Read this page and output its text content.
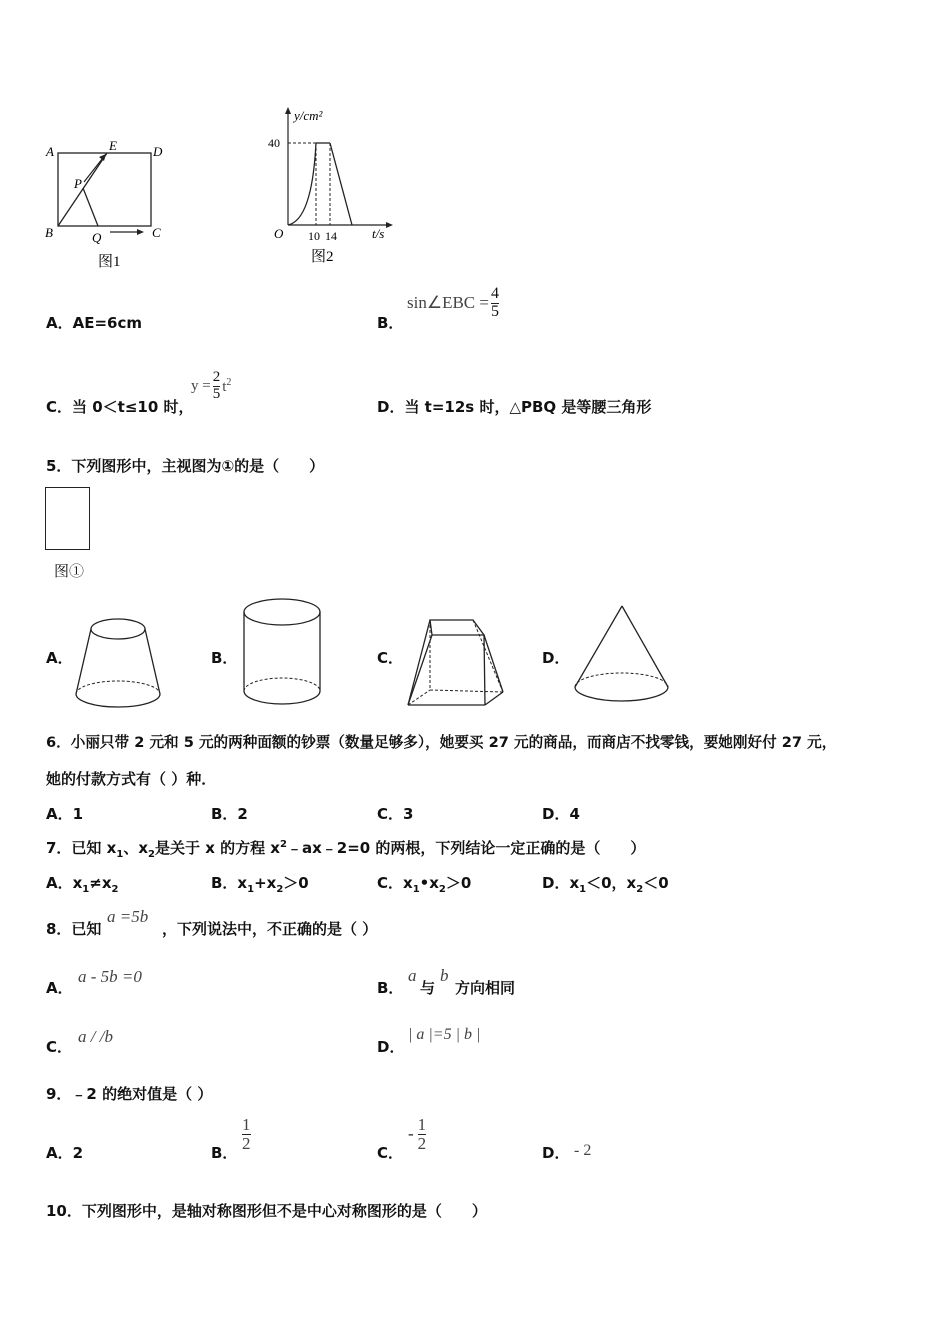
A	E	D
P
B	Q	C
图1
y/cm²
40
O 10 14	t/s
图2
A．AE=6cm	B．
sin∠EBC = $\frac{4}{5}$
C．当 0＜t≤10 时，
$y = \frac{2}{5} t^2$
D．当 t=12s 时，△PBQ 是等腰三角形
5．下列图形中，主视图为①的是（　　）
图①
A．	B．	C．	D．
6．小丽只带 2 元和 5 元的两种面额的钞票（数量足够多），她要买 27 元的商品，而商店不找零钱，要她刚好付 27 元，
她的付款方式有（ ）种．
A．1	B．2	C．3	D．4
7．已知 $x_1$、$x_2$是关于 x 的方程 $x^2﹣ax﹣2=0$ 的两根，下列结论一定正确的是（　　）
A．$x_1\ne x_2$	B．$x_1+x_2>0$	C．$x_1•x_2>0$	D．$x_1<0$，$x_2<0$
8．已知
a =5b
，下列说法中，不正确的是（ ）
A．
a - 5b =0
B．
a
与
b
方向相同
C．
a / /b
D．
| a |=5 | b |
9．﹣2 的绝对值是（ ）
A．2	B．
$\frac{1}{2}$
C．
- $\frac{1}{2}$
D． - 2
10．下列图形中，是轴对称图形但不是中心对称图形的是（　　）
